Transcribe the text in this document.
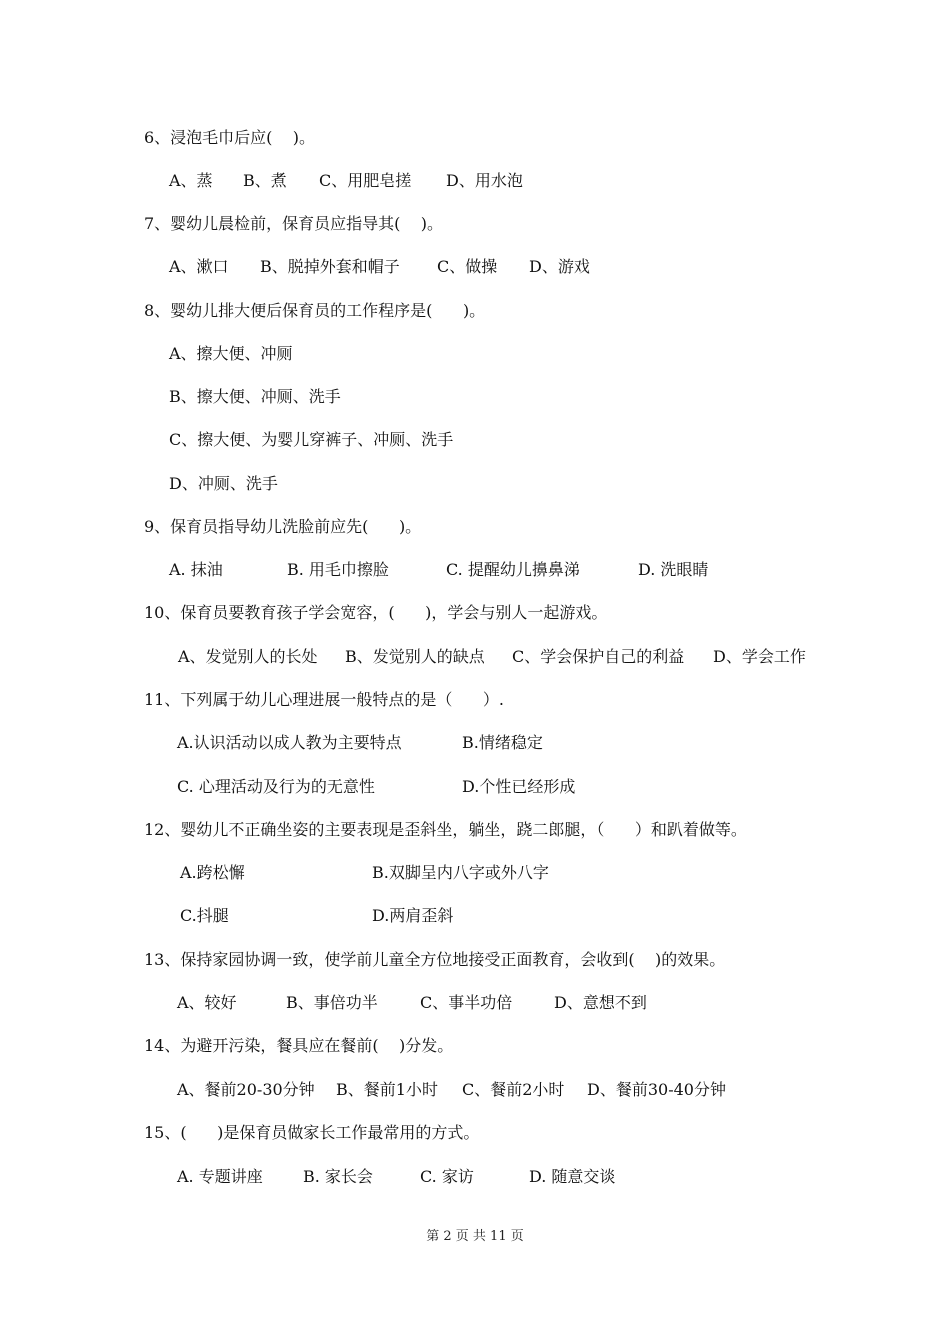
6、浸泡毛巾后应(    )。
A、蒸 B、煮 C、用肥皂搓 D、用水泡
7、婴幼儿晨检前，保育员应指导其(    )。
A、漱口 B、脱掉外套和帽子 C、做操 D、游戏
8、婴幼儿排大便后保育员的工作程序是(      )。
A、擦大便、冲厕
B、擦大便、冲厕、洗手
C、擦大便、为婴儿穿裤子、冲厕、洗手
D、冲厕、洗手
9、保育员指导幼儿洗脸前应先(      )。
A. 抹油	B. 用毛巾擦脸	C. 提醒幼儿擤鼻涕	D. 洗眼睛
10、保育员要教育孩子学会宽容，(      )，学会与别人一起游戏。
A、发觉别人的长处 B、发觉别人的缺点 C、学会保护自己的利益 D、学会工作
11、下列属于幼儿心理进展一般特点的是（      ）.
A.认识活动以成人教为主要特点	B.情绪稳定
C. 心理活动及行为的无意性	D.个性已经形成
12、婴幼儿不正确坐姿的主要表现是歪斜坐，躺坐，跷二郎腿，（      ）和趴着做等。
A.跨松懈	B.双脚呈内八字或外八字
C.抖腿	D.两肩歪斜
13、保持家园协调一致，使学前儿童全方位地接受正面教育，会收到(    )的效果。
A、较好	B、事倍功半	C、事半功倍	D、意想不到
14、为避开污染，餐具应在餐前(    )分发。
A、餐前20-30分钟 B、餐前1小时 C、餐前2小时 D、餐前30-40分钟
15、(      )是保育员做家长工作最常用的方式。
A. 专题讲座	B. 家长会	C. 家访	D. 随意交谈
第 2 页 共 11 页
